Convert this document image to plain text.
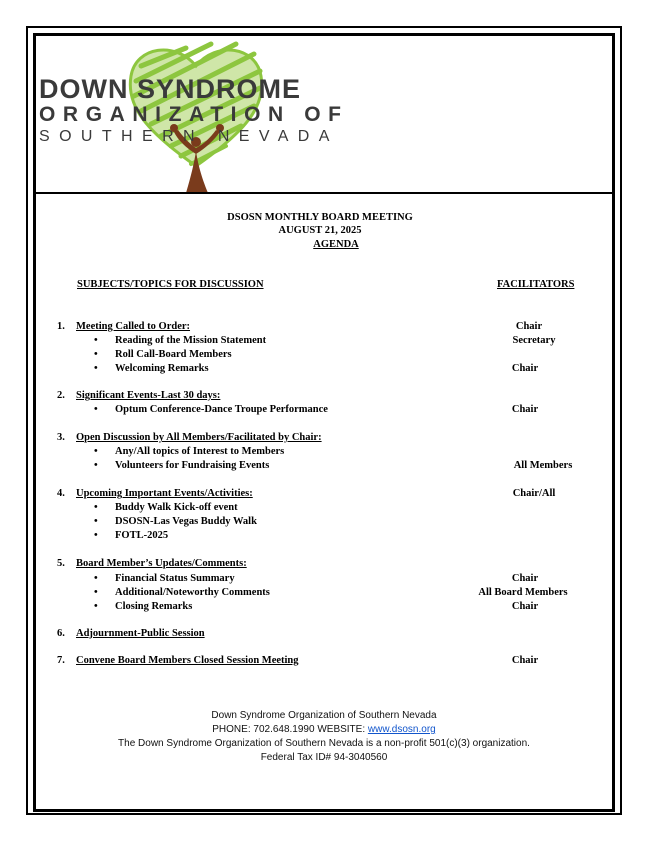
DOWN SYNDROME
ORGANIZATION OF
SOUTHERN NEVADA
DSOSN MONTHLY BOARD MEETING
AUGUST 21, 2025
AGENDA
SUBJECTS/TOPICS FOR DISCUSSION	FACILITATORS
1. Meeting Called to Order:	Chair
• Reading of the Mission Statement	Secretary
• Roll Call-Board Members
• Welcoming Remarks	Chair
2. Significant Events-Last 30 days:
• Optum Conference-Dance Troupe Performance	Chair
3. Open Discussion by All Members/Facilitated by Chair:
• Any/All topics of Interest to Members
• Volunteers for Fundraising Events	All Members
4. Upcoming Important Events/Activities:	Chair/All
• Buddy Walk Kick-off event
• DSOSN-Las Vegas Buddy Walk
• FOTL-2025
5. Board Member’s Updates/Comments:
• Financial Status Summary	Chair
• Additional/Noteworthy Comments	All Board Members
• Closing Remarks	Chair
6. Adjournment-Public Session
7. Convene Board Members Closed Session Meeting	Chair
Down Syndrome Organization of Southern Nevada
PHONE: 702.648.1990 WEBSITE: www.dsosn.org
The Down Syndrome Organization of Southern Nevada is a non-profit 501(c)(3) organization.
Federal Tax ID# 94-3040560
